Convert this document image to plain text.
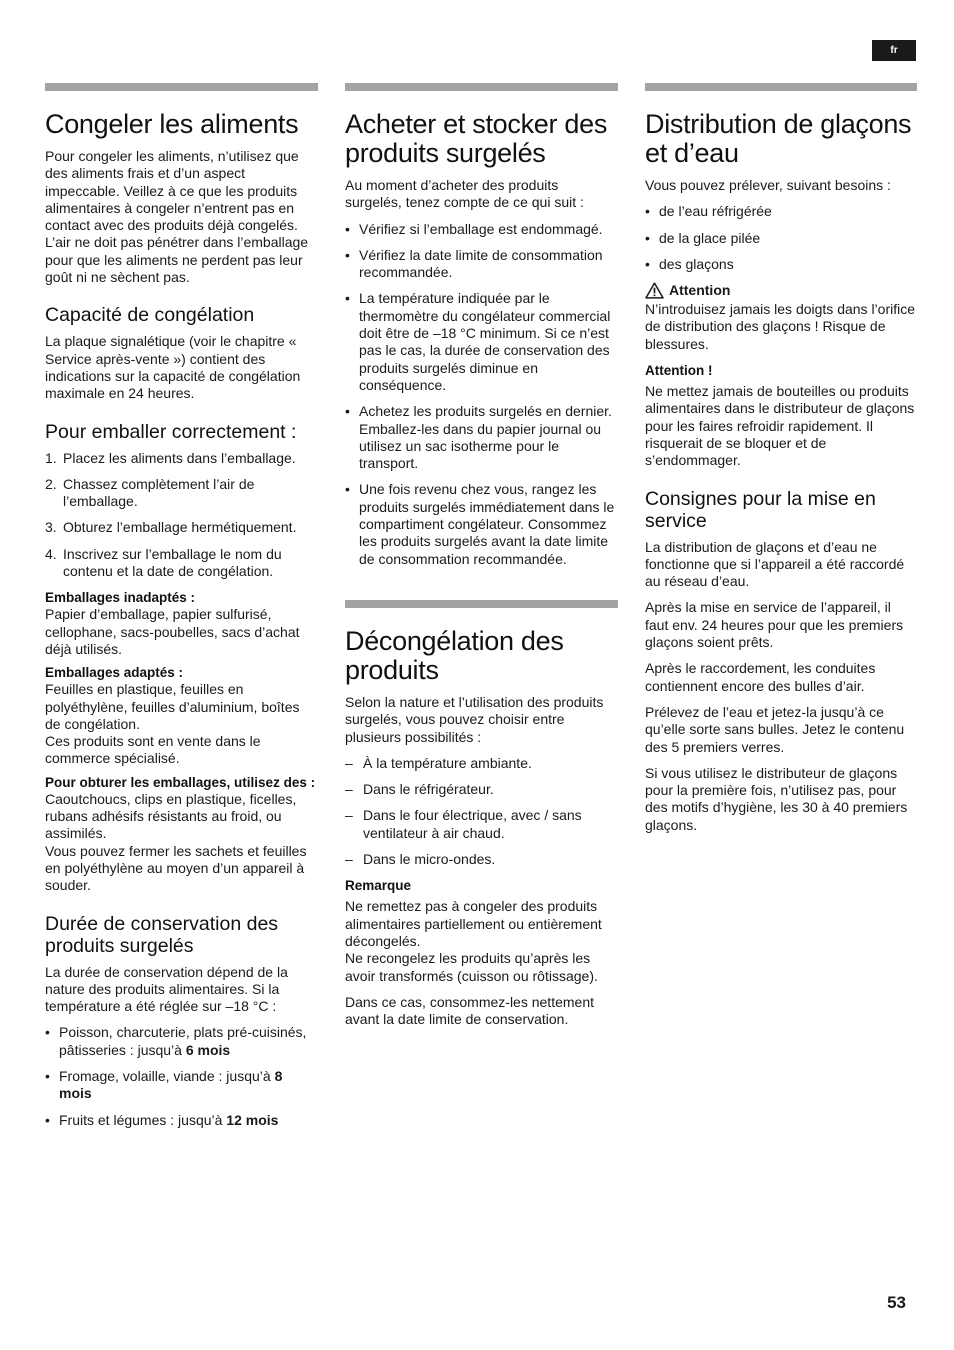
fr
Congeler les aliments

Pour congeler les aliments, n’utilisez que des aliments frais et d’un aspect impeccable. Veillez à ce que les produits alimentaires à congeler n’entrent pas en contact avec des produits déjà congelés. L’air ne doit pas pénétrer dans l’emballage pour que les aliments ne perdent pas leur goût ni ne sèchent pas.

Capacité de congélation

La plaque signalétique (voir le chapitre « Service après-vente ») contient des indications sur la capacité de congélation maximale en 24 heures.

Pour emballer correctement :
1. Placez les aliments dans l’emballage.
2. Chassez complètement l’air de l’emballage.
3. Obturez l’emballage hermétiquement.
4. Inscrivez sur l’emballage le nom du contenu et la date de congélation.
Emballages inadaptés :

Papier d’emballage, papier sulfurisé, cellophane, sacs-poubelles, sacs d’achat déjà utilisés.

Emballages adaptés :

Feuilles en plastique, feuilles en polyéthylène, feuilles d’aluminium, boîtes de congélation.

Ces produits sont en vente dans le commerce spécialisé.

Pour obturer les emballages, utilisez des :

Caoutchoucs, clips en plastique, ficelles, rubans adhésifs résistants au froid, ou assimilés.

Vous pouvez fermer les sachets et feuilles en polyéthylène au moyen d’un appareil à souder.

Durée de conservation des produits surgelés

La durée de conservation dépend de la nature des produits alimentaires. Si la température a été réglée sur –18 °C :

• Poisson, charcuterie, plats pré-cuisinés, pâtisseries : jusqu’à 6 mois
• Fromage, volaille, viande : jusqu’à 8 mois
• Fruits et légumes : jusqu’à 12 mois
Acheter et stocker des produits surgelés

Au moment d’acheter des produits surgelés, tenez compte de ce qui suit :

• Vérifiez si l’emballage est endommagé.
• Vérifiez la date limite de consommation recommandée.
• La température indiquée par le thermomètre du congélateur commercial doit être de –18 °C minimum. Si ce n’est pas le cas, la durée de conservation des produits surgelés diminue en conséquence.
• Achetez les produits surgelés en dernier. Emballez-les dans du papier journal ou utilisez un sac isotherme pour le transport.
• Une fois revenu chez vous, rangez les produits surgelés immédiatement dans le compartiment congélateur. Consommez les produits surgelés avant la date limite de consommation recommandée.
Décongélation des produits

Selon la nature et l’utilisation des produits surgelés, vous pouvez choisir entre plusieurs possibilités :

– À la température ambiante.
– Dans le réfrigérateur.
– Dans le four électrique, avec / sans ventilateur à air chaud.
– Dans le micro-ondes.
Remarque

Ne remettez pas à congeler des produits alimentaires partiellement ou entièrement décongelés.

Ne recongelez les produits qu’après les avoir transformés (cuisson ou rôtissage).

Dans ce cas, consommez-les nettement avant la date limite de conservation.

Distribution de glaçons et d’eau

Vous pouvez prélever, suivant besoins :

• de l’eau réfrigérée
• de la glace pilée
• des glaçons
Attention

N’introduisez jamais les doigts dans l’orifice de distribution des glaçons ! Risque de blessures.

Attention !

Ne mettez jamais de bouteilles ou produits alimentaires dans le distributeur de glaçons pour les faires refroidir rapidement. Il risquerait de se bloquer et de s’endommager.

Consignes pour la mise en service

La distribution de glaçons et d’eau ne fonctionne que si l’appareil a été raccordé au réseau d’eau.

Après la mise en service de l’appareil, il faut env. 24 heures pour que les premiers glaçons soient prêts.

Après le raccordement, les conduites contiennent encore des bulles d’air.

Prélevez de l’eau et jetez-la jusqu’à ce qu’elle sorte sans bulles. Jetez le contenu des 5 premiers verres.

Si vous utilisez le distributeur de glaçons pour la première fois, n’utilisez pas, pour des motifs d’hygiène, les 30 à 40 premiers glaçons.

53
